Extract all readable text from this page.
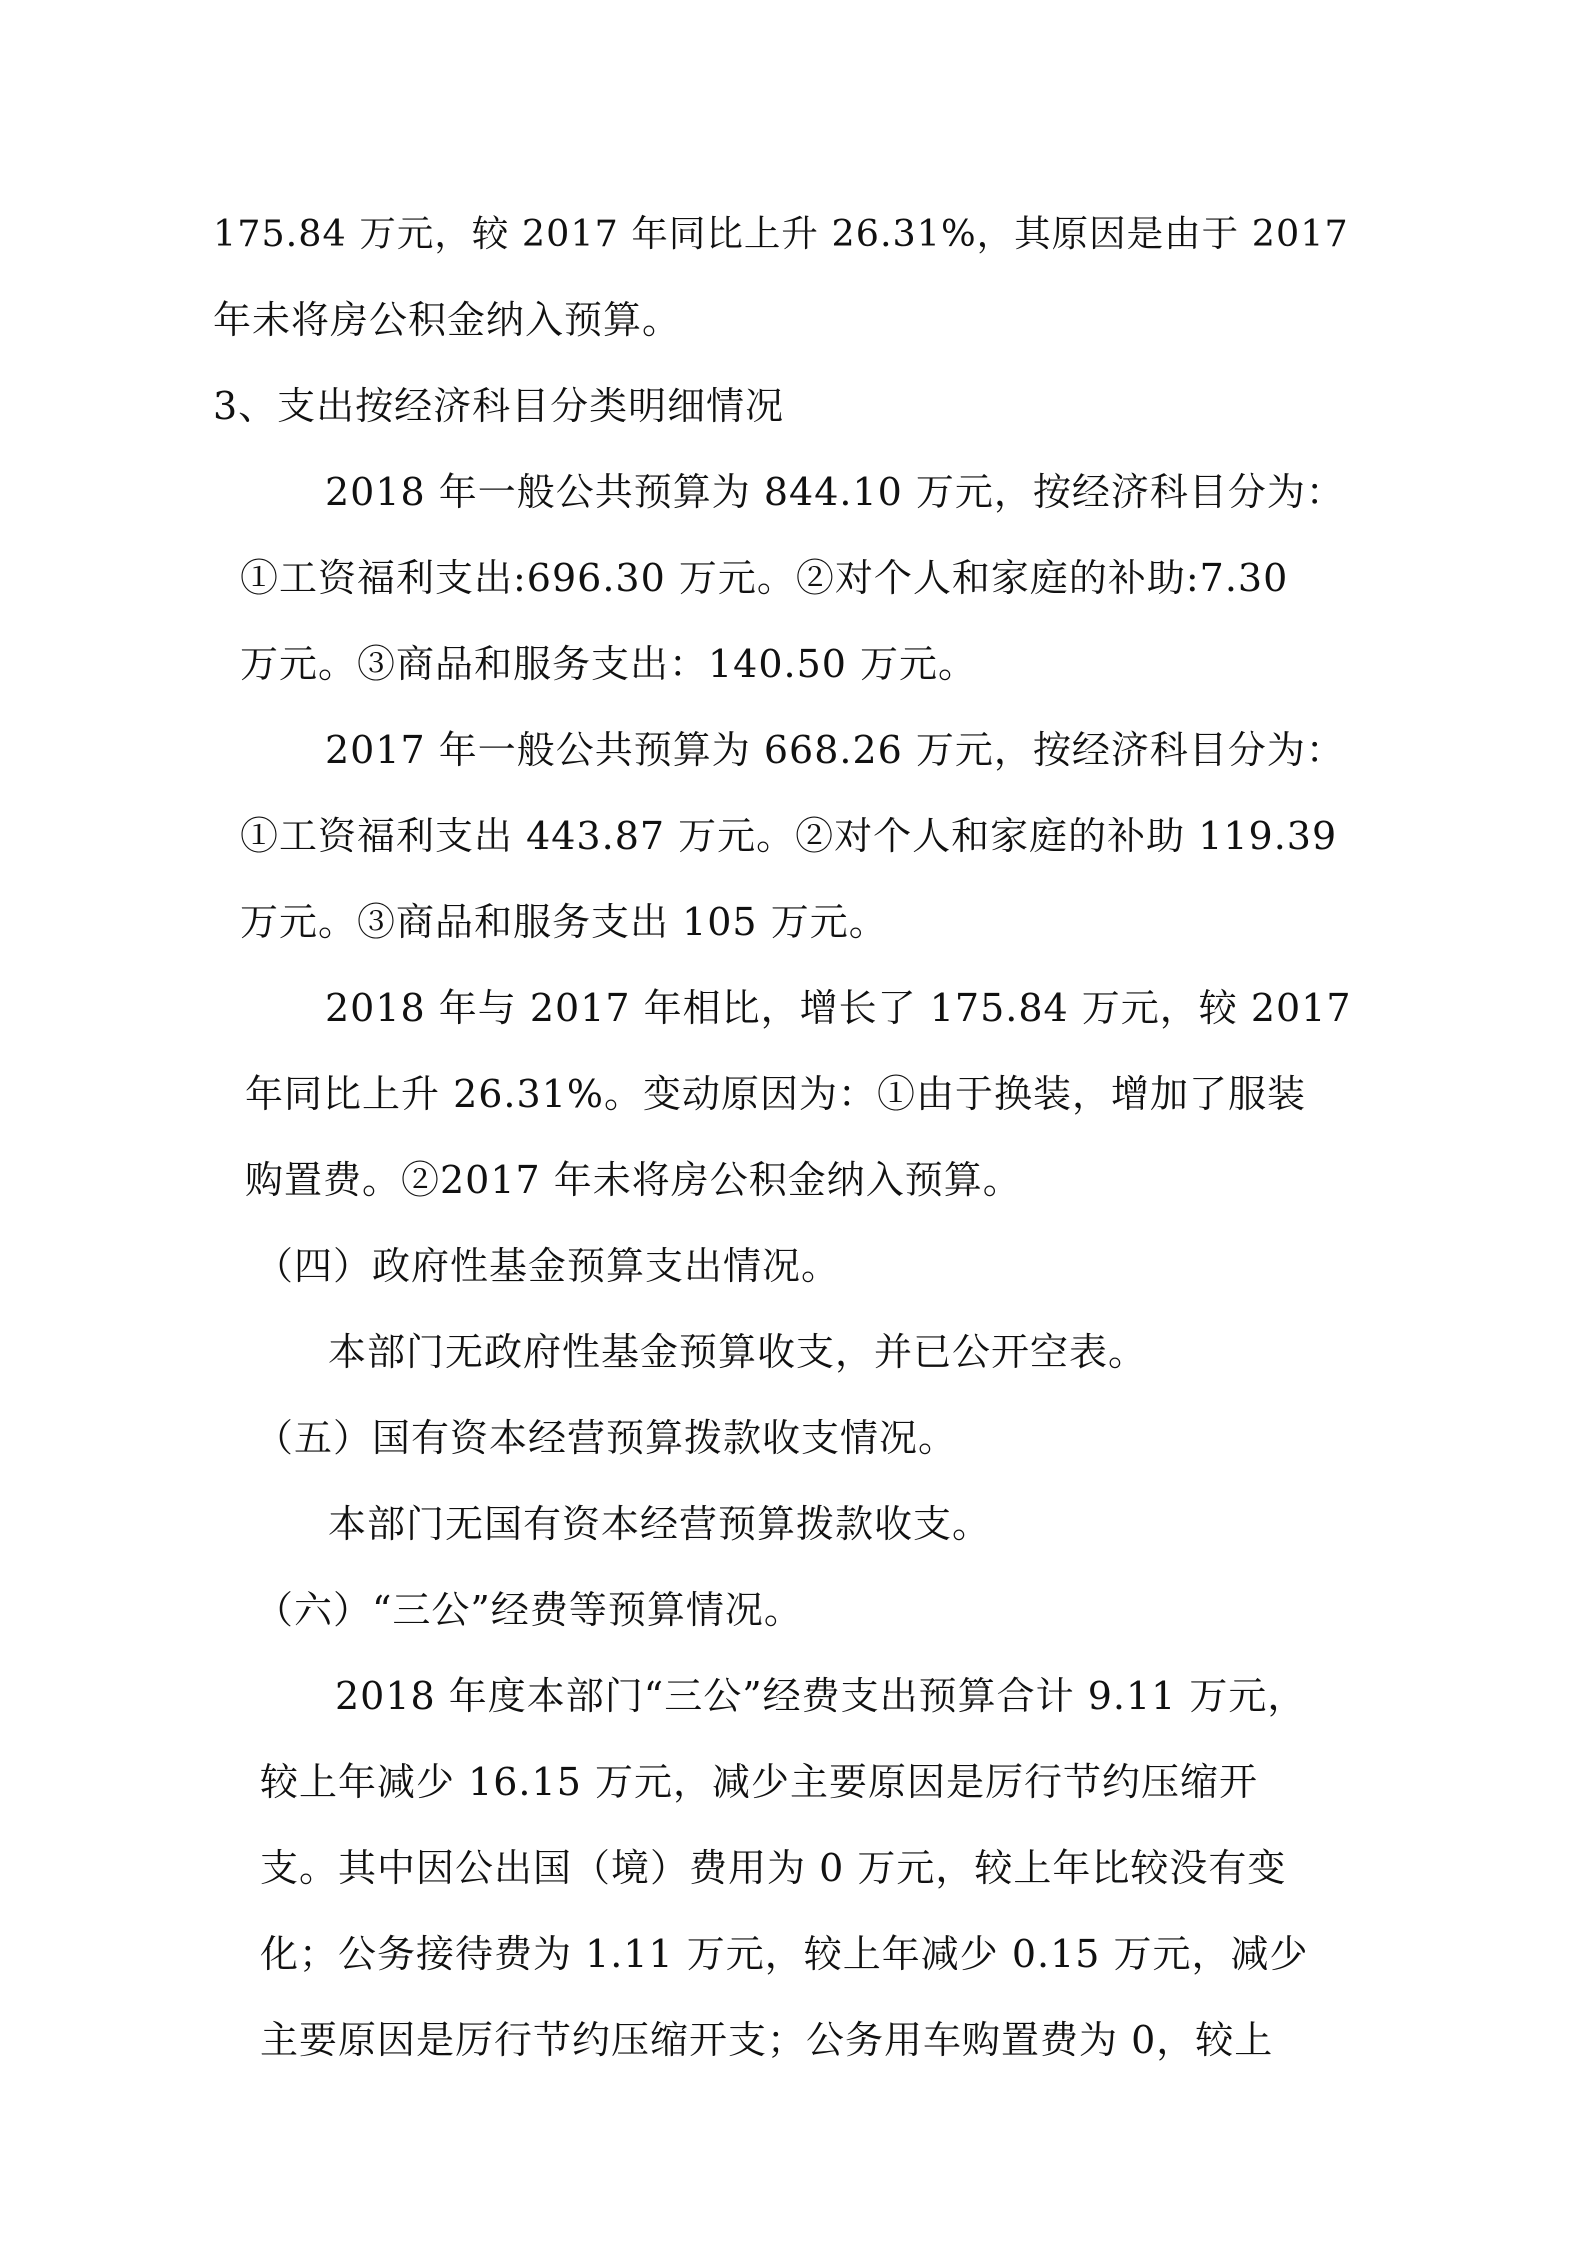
175.84 万元，较 2017 年同比上升 26.31%，其原因是由于 2017
年未将房公积金纳入预算。
3、支出按经济科目分类明细情况
2018 年一般公共预算为 844.10 万元，按经济科目分为：
①工资福利支出:696.30 万元。②对个人和家庭的补助:7.30
万元。③商品和服务支出：140.50 万元。
2017 年一般公共预算为 668.26 万元，按经济科目分为：
①工资福利支出 443.87 万元。②对个人和家庭的补助 119.39
万元。③商品和服务支出 105 万元。
2018 年与 2017 年相比，增长了 175.84 万元，较 2017
年同比上升 26.31%。变动原因为：①由于换装，增加了服装
购置费。②2017 年未将房公积金纳入预算。
（四）政府性基金预算支出情况。
本部门无政府性基金预算收支，并已公开空表。
（五）国有资本经营预算拨款收支情况。
本部门无国有资本经营预算拨款收支。
（六）“三公”经费等预算情况。
2018 年度本部门“三公”经费支出预算合计 9.11 万元，
较上年减少 16.15 万元，减少主要原因是厉行节约压缩开
支。其中因公出国（境）费用为 0 万元，较上年比较没有变
化；公务接待费为 1.11 万元，较上年减少 0.15 万元，减少
主要原因是厉行节约压缩开支；公务用车购置费为 0，较上
